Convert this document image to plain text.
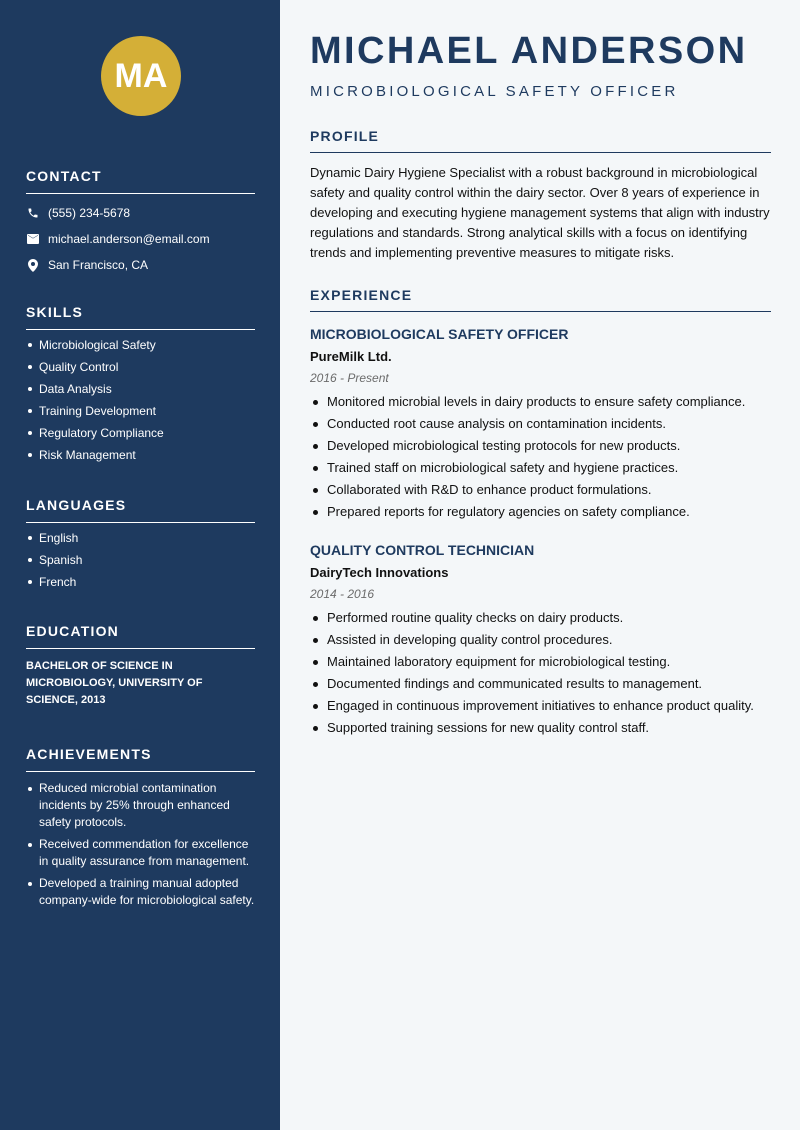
MA
CONTACT
(555) 234-5678
michael.anderson@email.com
San Francisco, CA
SKILLS
Microbiological Safety
Quality Control
Data Analysis
Training Development
Regulatory Compliance
Risk Management
LANGUAGES
English
Spanish
French
EDUCATION

BACHELOR OF SCIENCE IN MICROBIOLOGY, UNIVERSITY OF SCIENCE, 2013

ACHIEVEMENTS
Reduced microbial contamination incidents by 25% through enhanced safety protocols.
Received commendation for excellence in quality assurance from management.
Developed a training manual adopted company-wide for microbiological safety.
MICHAEL ANDERSON
MICROBIOLOGICAL SAFETY OFFICER
PROFILE

Dynamic Dairy Hygiene Specialist with a robust background in microbiological safety and quality control within the dairy sector. Over 8 years of experience in developing and executing hygiene management systems that align with industry regulations and standards. Strong analytical skills with a focus on identifying trends and implementing preventive measures to mitigate risks.

EXPERIENCE
MICROBIOLOGICAL SAFETY OFFICER
PureMilk Ltd.
2016 - Present
Monitored microbial levels in dairy products to ensure safety compliance.
Conducted root cause analysis on contamination incidents.
Developed microbiological testing protocols for new products.
Trained staff on microbiological safety and hygiene practices.
Collaborated with R&D to enhance product formulations.
Prepared reports for regulatory agencies on safety compliance.
QUALITY CONTROL TECHNICIAN
DairyTech Innovations
2014 - 2016
Performed routine quality checks on dairy products.
Assisted in developing quality control procedures.
Maintained laboratory equipment for microbiological testing.
Documented findings and communicated results to management.
Engaged in continuous improvement initiatives to enhance product quality.
Supported training sessions for new quality control staff.
